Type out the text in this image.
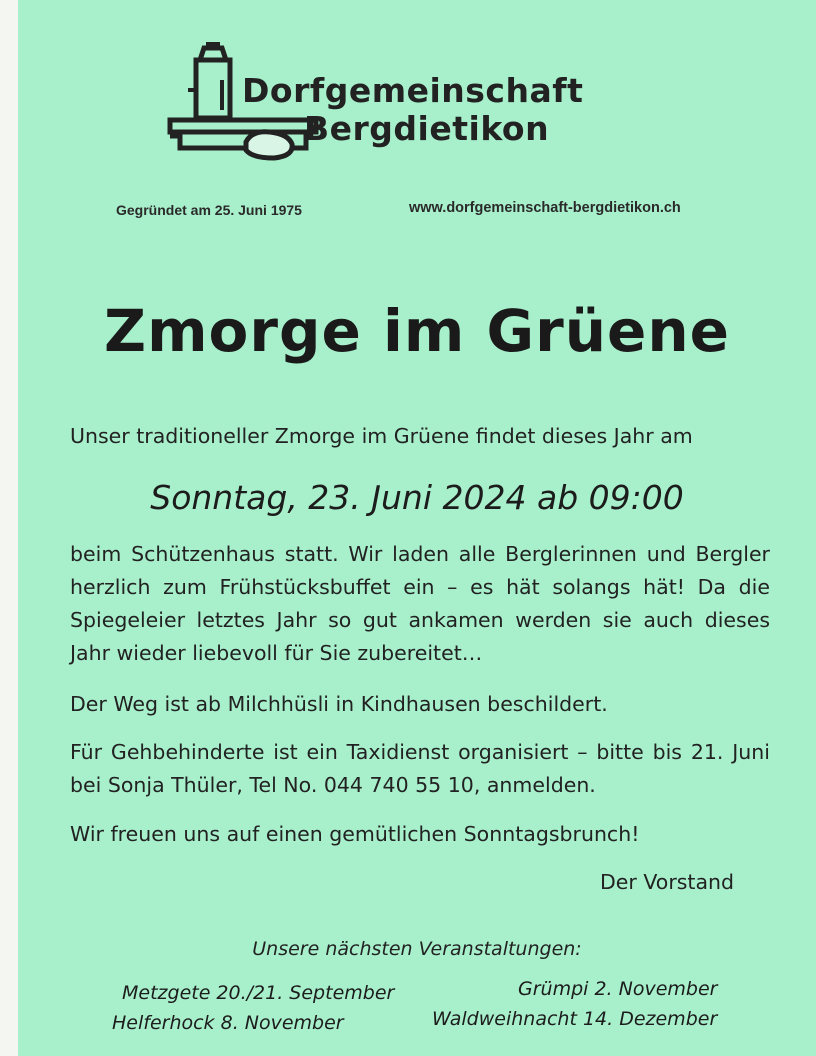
Dorfgemeinschaft
Bergdietikon
Gegründet am 25. Juni 1975	www.dorfgemeinschaft-bergdietikon.ch
Zmorge im Grüene
Unser traditioneller Zmorge im Grüene findet dieses Jahr am
Sonntag, 23. Juni 2024 ab 09:00
beim Schützenhaus statt. Wir laden alle Berglerinnen und Bergler herzlich zum Frühstücksbuffet ein – es hät solangs hät! Da die Spiegeleier letztes Jahr so gut ankamen werden sie auch dieses Jahr wieder liebevoll für Sie zubereitet…
Der Weg ist ab Milchhüsli in Kindhausen beschildert.
Für Gehbehinderte ist ein Taxidienst organisiert – bitte bis 21. Juni bei Sonja Thüler, Tel No. 044 740 55 10, anmelden.
Wir freuen uns auf einen gemütlichen Sonntagsbrunch!
Der Vorstand
Unsere nächsten Veranstaltungen:
Metzgete 20./21. September	Grümpi 2. November
Helferhock 8. November	Waldweihnacht 14. Dezember
